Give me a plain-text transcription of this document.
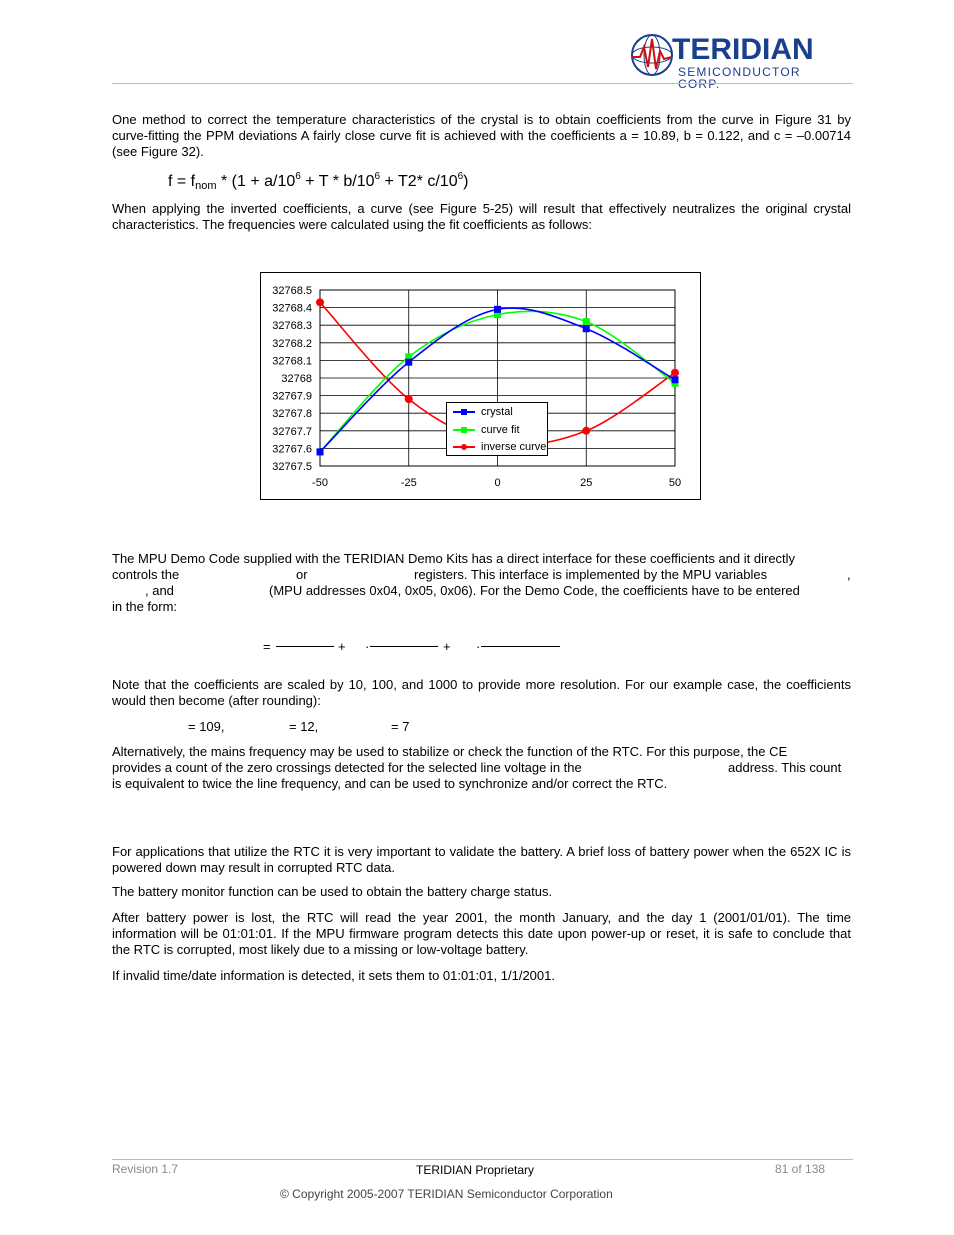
TERIDIAN
SEMICONDUCTOR CORP.

One method to correct the temperature characteristics of the crystal is to obtain coefficients from the curve in Figure 31 by curve-fitting the PPM deviations A fairly close curve fit is achieved with the coefficients a = 10.89, b = 0.122, and c = –0.00714 (see Figure 32).

$f = f_{nom} * (1 + a/10^6 + T * b/10^6 + T2*$ $c/10^6$)

When applying the inverted coefficients, a curve (see Figure 5-25) will result that effectively neutralizes the original crystal characteristics. The frequencies were calculated using the fit coefficients as follows:

32768.5
32768.4
32768.3
32768.2
32768.1
32768
32767.9
32767.8
32767.7
32767.6
32767.5
-50	-25	0	25	50
crystal
curve fit
inverse curve
The MPU Demo Code supplied with the TERIDIAN Demo Kits has a direct interface for these coefficients and it directly
controls the	or	registers. This interface is implemented by the MPU variables	,
, and	(MPU addresses 0x04, 0x05, 0x06). For the Demo Code, the coefficients have to be entered
in the form:
=	+ ·	+ ·

Note that the coefficients are scaled by 10, 100, and 1000 to provide more resolution. For our example case, the coefficients would then become (after rounding):

= 109,	= 12,	= 7
Alternatively, the mains frequency may be used to stabilize or check the function of the RTC. For this purpose, the CE
provides a count of the zero crossings detected for the selected line voltage in the	address. This count
is equivalent to twice the line frequency, and can be used to synchronize and/or correct the RTC.

For applications that utilize the RTC it is very important to validate the battery. A brief loss of battery power when the 652X IC is powered down may result in corrupted RTC data.

The battery monitor function can be used to obtain the battery charge status.

After battery power is lost, the RTC will read the year 2001, the month January, and the day 1 (2001/01/01). The time information will be 01:01:01. If the MPU firmware program detects this date upon power-up or reset, it is safe to conclude that the RTC is corrupted, most likely due to a missing or low-voltage battery.

If invalid time/date information is detected, it sets them to 01:01:01, 1/1/2001.

Revision 1.7	TERIDIAN Proprietary	81 of 138
© Copyright 2005-2007 TERIDIAN Semiconductor Corporation
